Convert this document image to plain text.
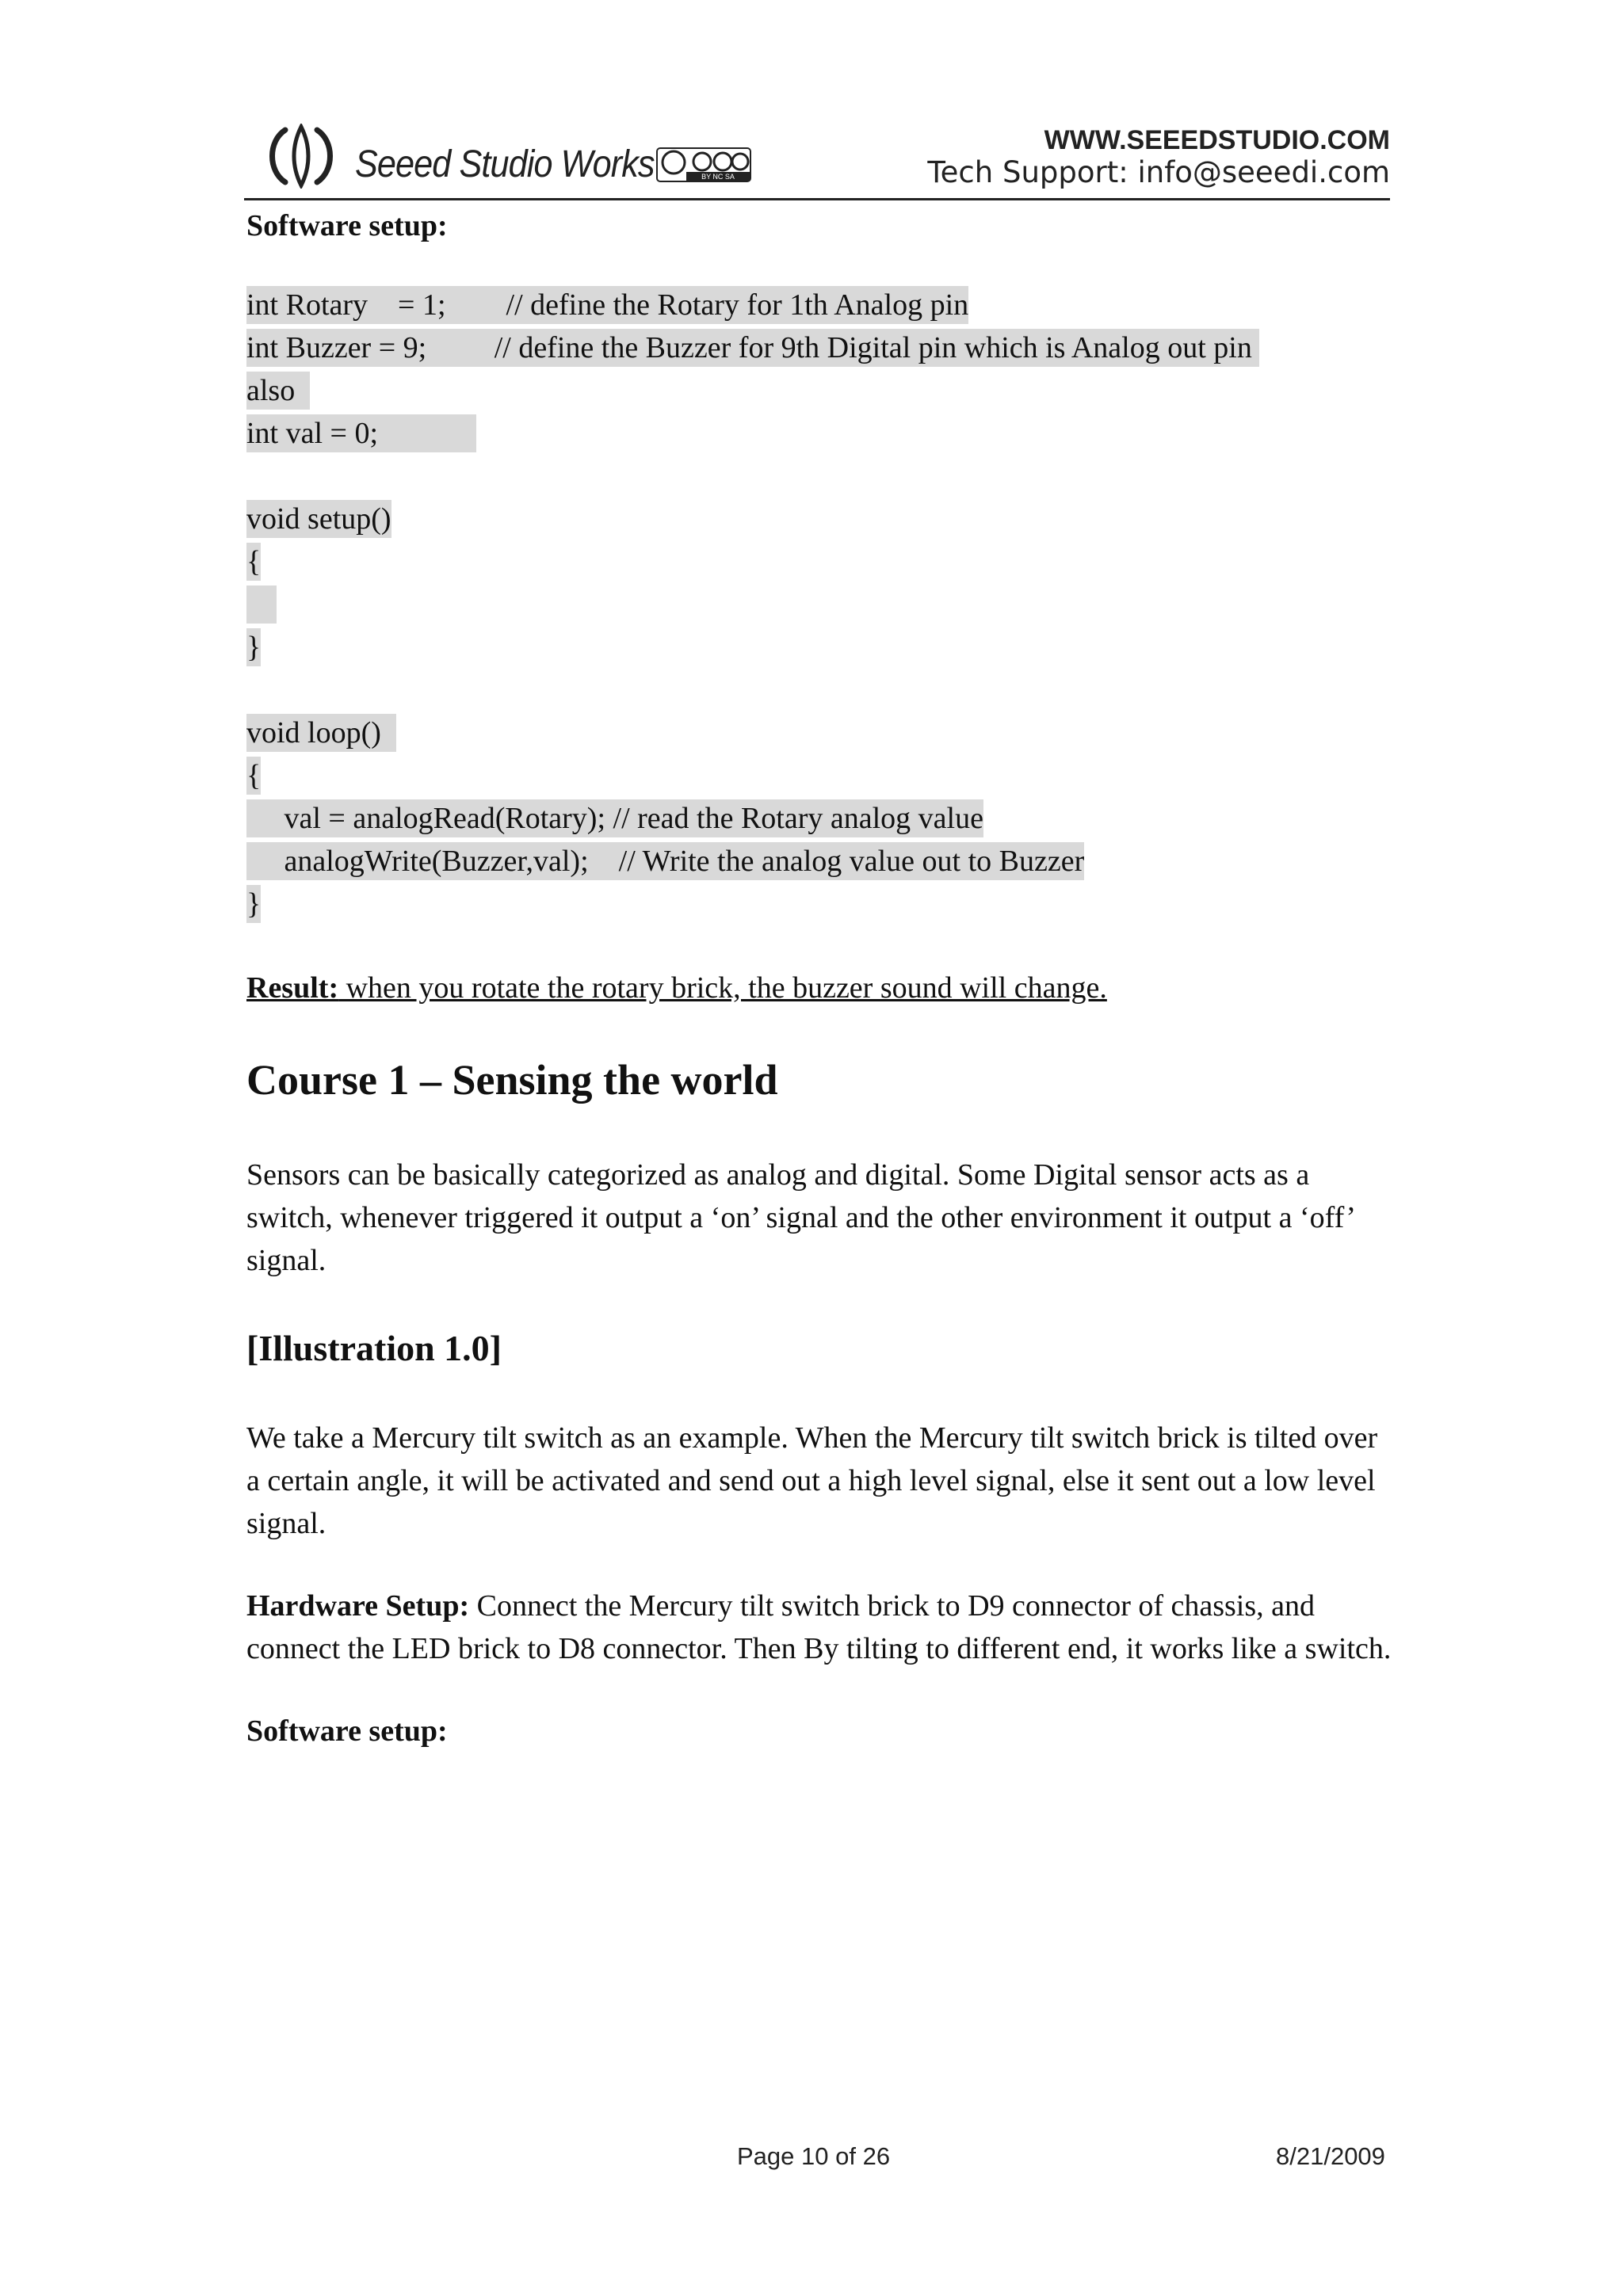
Seeed Studio Works	BY NC SA
WWW.SEEEDSTUDIO.COM
Tech Support: info@seeedi.com

Software setup:

int Rotary    = 1;        // define the Rotary for 1th Analog pin
int Buzzer = 9;         // define the Buzzer for 9th Digital pin which is Analog out pin
also
int val = 0;
void setup()
{

}
void loop()
{
val = analogRead(Rotary); // read the Rotary analog value
analogWrite(Buzzer,val);    // Write the analog value out to Buzzer
}

Result: when you rotate the rotary brick, the buzzer sound will change.

Course 1 – Sensing the world

Sensors can be basically categorized as analog and digital. Some Digital sensor acts as a switch, whenever triggered it output a ‘on’ signal and the other environment it output a ‘off’ signal.

[Illustration 1.0]

We take a Mercury tilt switch as an example. When the Mercury tilt switch brick is tilted over a certain angle, it will be activated and send out a high level signal, else it sent out a low level signal.

Hardware Setup: Connect the Mercury tilt switch brick to D9 connector of chassis, and connect the LED brick to D8 connector. Then By tilting to different end, it works like a switch.

Software setup:

Page 10 of 26	8/21/2009
